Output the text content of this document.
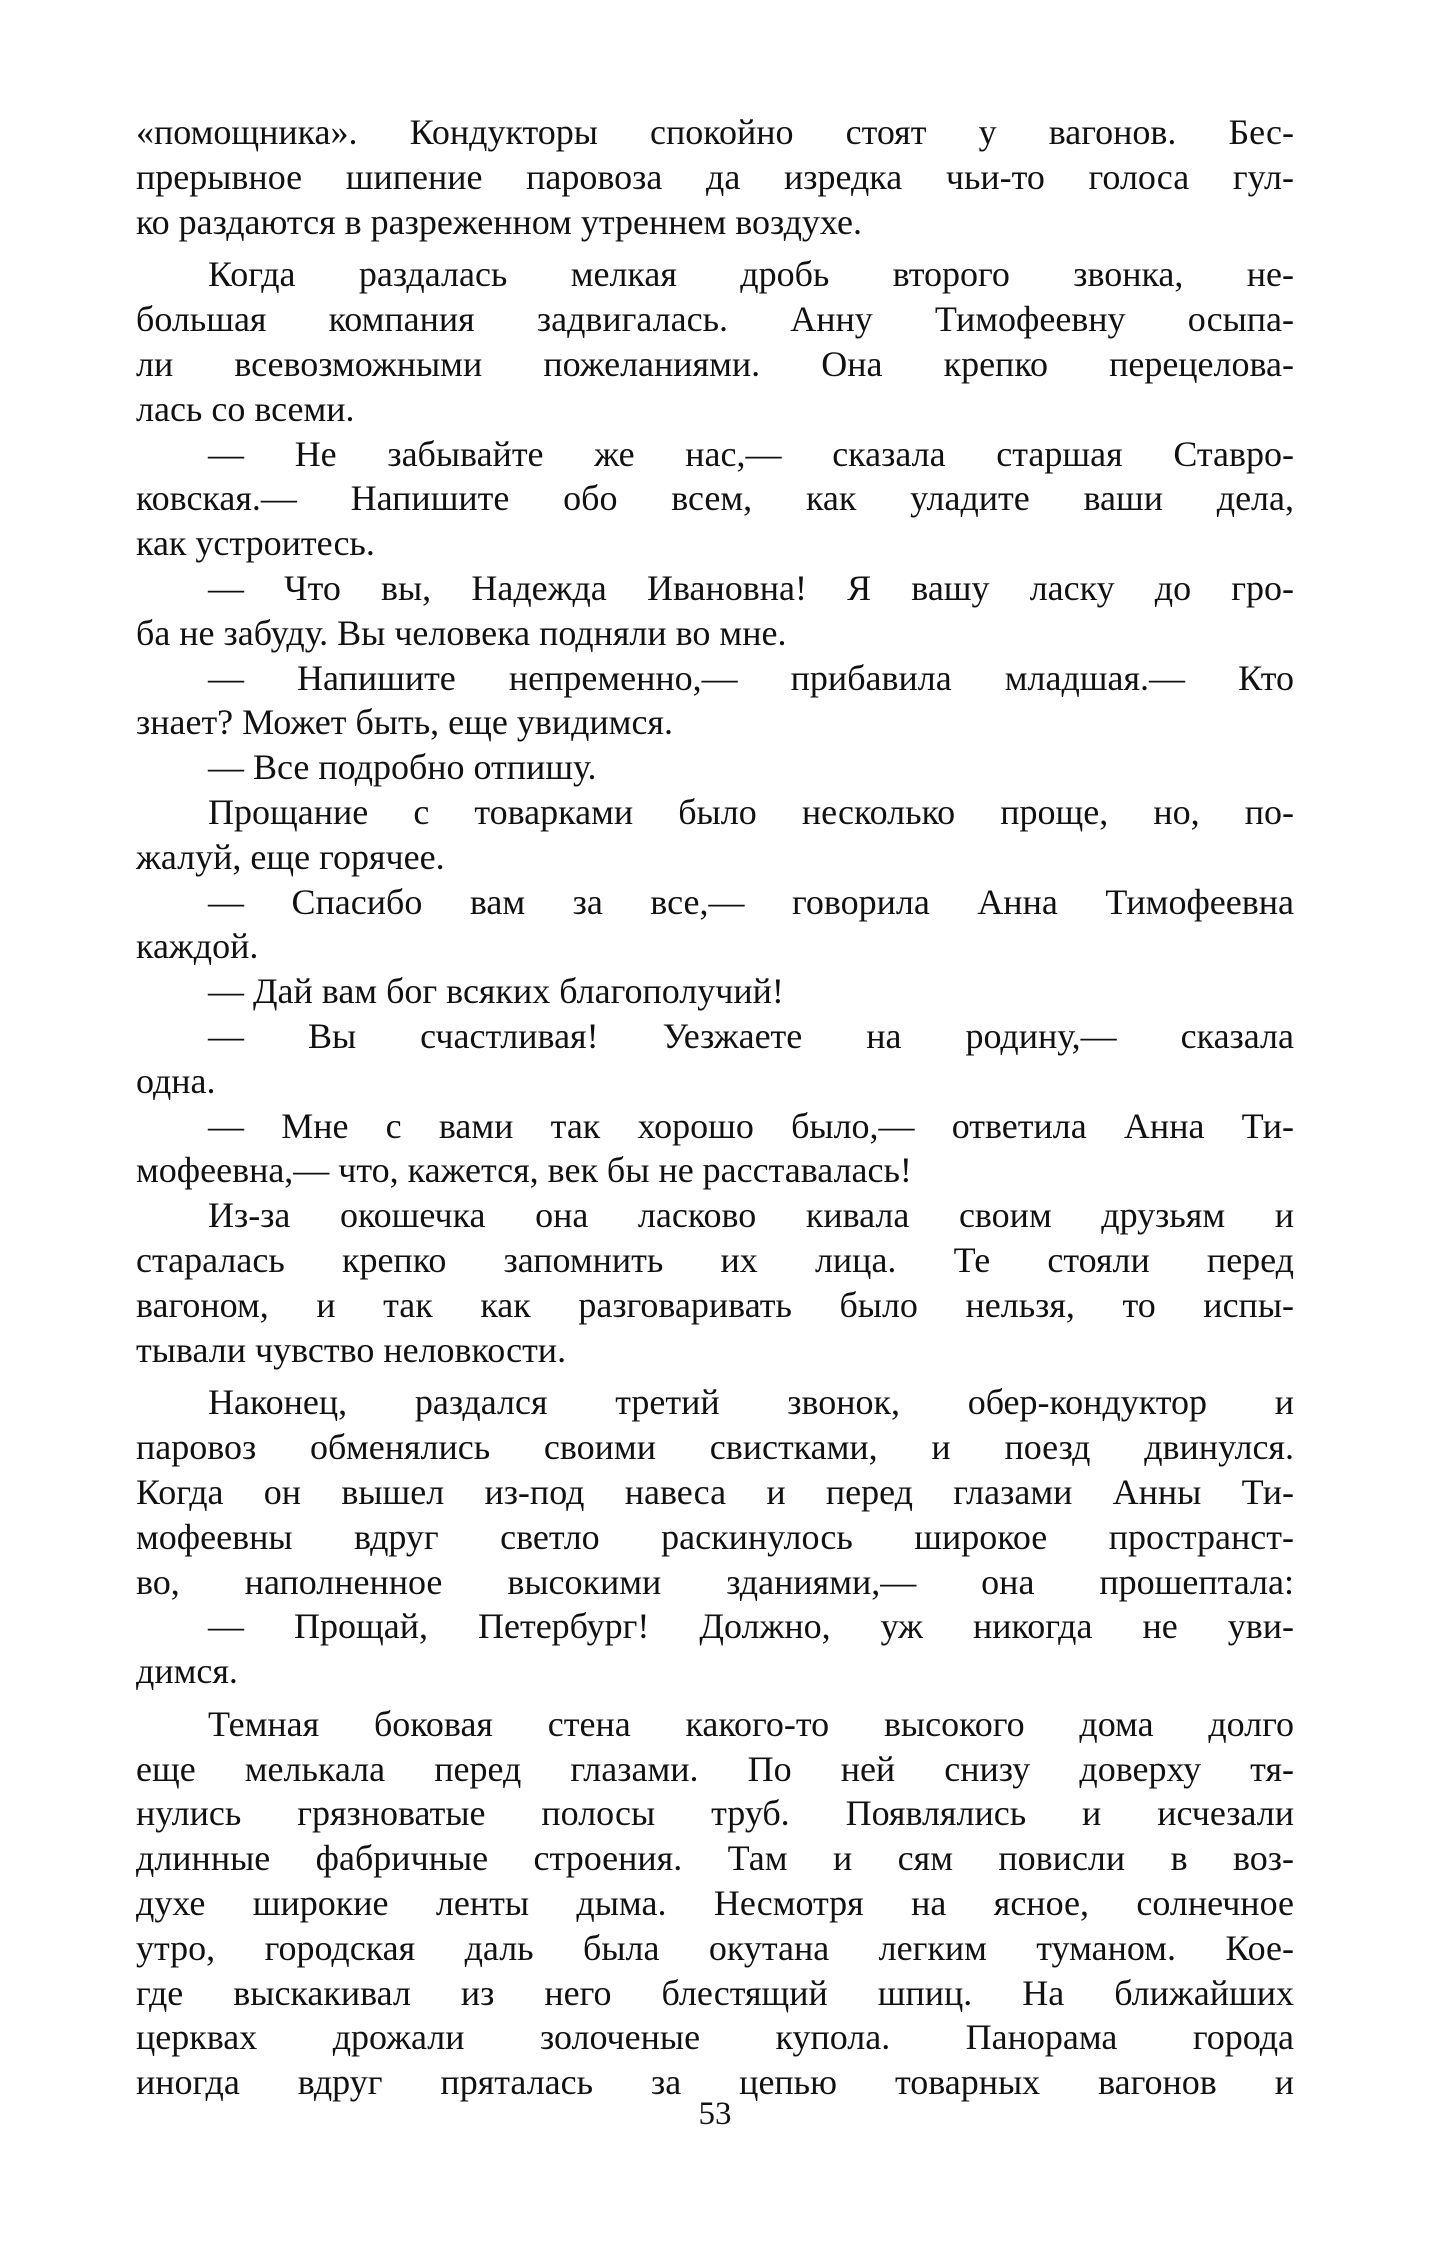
«помощника». Кондукторы спокойно стоят у вагонов. Бес-
прерывное шипение паровоза да изредка чьи-то голоса гул-
ко раздаются в разреженном утреннем воздухе.
Когда раздалась мелкая дробь второго звонка, не-
большая компания задвигалась. Анну Тимофеевну осыпа-
ли всевозможными пожеланиями. Она крепко перецелова-
лась со всеми.
— Не забывайте же нас,— сказала старшая Ставро-
ковская.— Напишите обо всем, как уладите ваши дела,
как устроитесь.
— Что вы, Надежда Ивановна! Я вашу ласку до гро-
ба не забуду. Вы человека подняли во мне.
— Напишите непременно,— прибавила младшая.— Кто
знает? Может быть, еще увидимся.
— Все подробно отпишу.
Прощание с товарками было несколько проще, но, по-
жалуй, еще горячее.
— Спасибо вам за все,— говорила Анна Тимофеевна
каждой.
— Дай вам бог всяких благополучий!
— Вы счастливая! Уезжаете на родину,— сказала
одна.
— Мне с вами так хорошо было,— ответила Анна Ти-
мофеевна,— что, кажется, век бы не расставалась!
Из-за окошечка она ласково кивала своим друзьям и
старалась крепко запомнить их лица. Те стояли перед
вагоном, и так как разговаривать было нельзя, то испы-
тывали чувство неловкости.
Наконец, раздался третий звонок, обер-кондуктор и
паровоз обменялись своими свистками, и поезд двинулся.
Когда он вышел из-под навеса и перед глазами Анны Ти-
мофеевны вдруг светло раскинулось широкое пространст-
во, наполненное высокими зданиями,— она прошептала:
— Прощай, Петербург! Должно, уж никогда не уви-
димся.
Темная боковая стена какого-то высокого дома долго
еще мелькала перед глазами. По ней снизу доверху тя-
нулись грязноватые полосы труб. Появлялись и исчезали
длинные фабричные строения. Там и сям повисли в воз-
духе широкие ленты дыма. Несмотря на ясное, солнечное
утро, городская даль была окутана легким туманом. Кое-
где выскакивал из него блестящий шпиц. На ближайших
церквах дрожали золоченые купола. Панорама города
иногда вдруг пряталась за цепью товарных вагонов и
53
